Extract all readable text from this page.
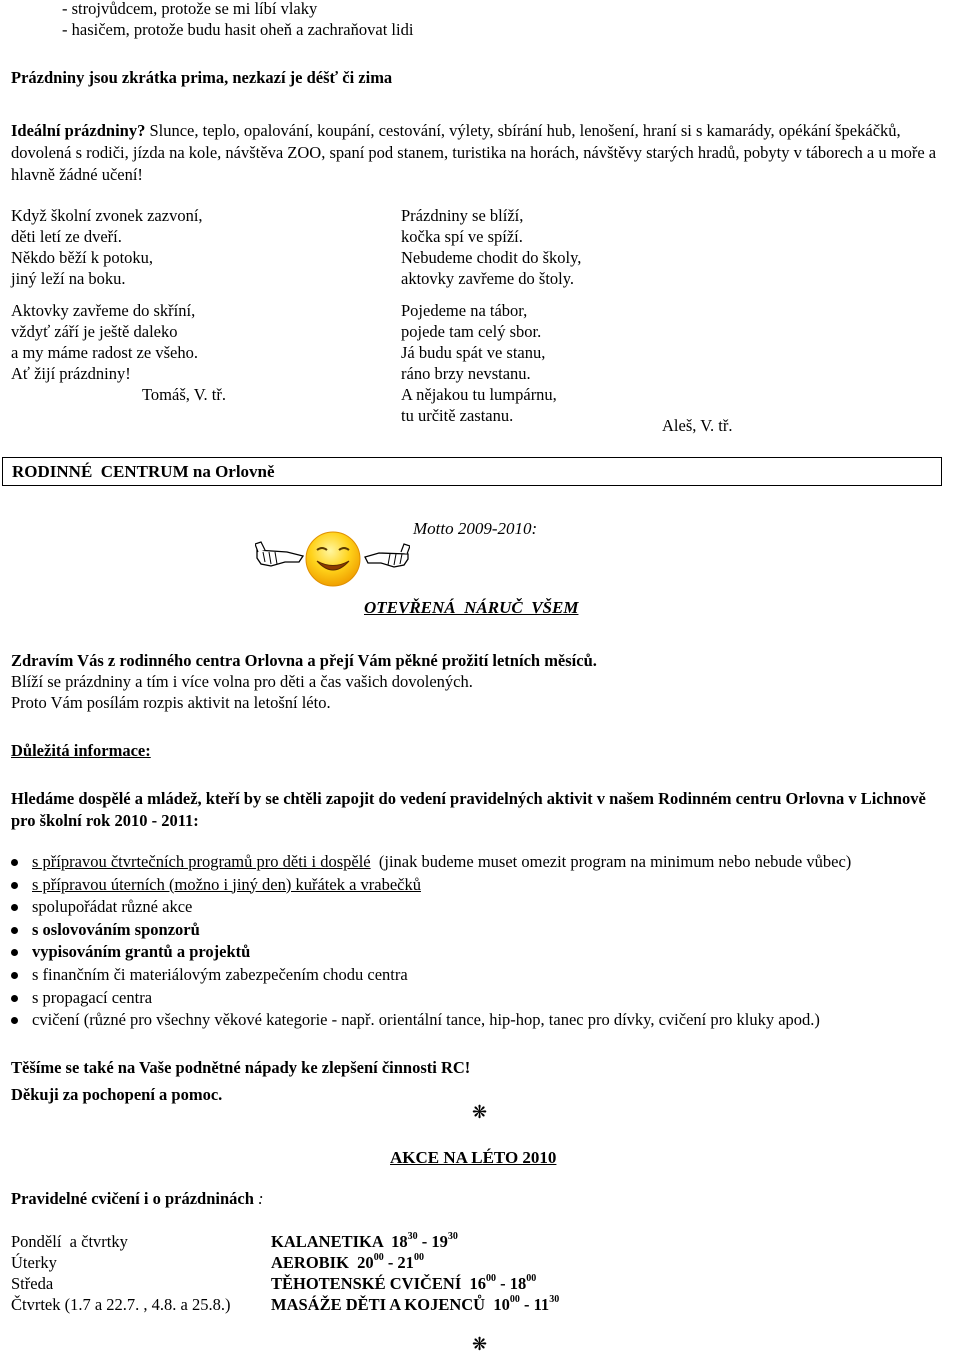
- strojvůdcem, protože se mi líbí vlaky
- hasičem, protože budu hasit oheň a zachraňovat lidi
Prázdniny jsou zkrátka prima, nezkazí je déšť či zima
Ideální prázdniny? Slunce, teplo, opalování, koupání, cestování, výlety, sbírání hub, lenošení, hraní si s kamarády, opékání špekáčků, dovolená s rodiči, jízda na kole, návštěva ZOO, spaní pod stanem, turistika na horách, návštěvy starých hradů, pobyty v táborech a u moře a hlavně žádné učení!
Když školní zvonek zazvoní,
děti letí ze dveří.
Někdo běží k potoku,
jiný leží na boku.
Aktovky zavřeme do skříní,
vždyť září je ještě daleko
a my máme radost ze všeho.
Ať žijí prázdniny!
Tomáš, V. tř.
Prázdniny se blíží,
kočka spí ve spíží.
Nebudeme chodit do školy,
aktovky zavřeme do štoly.
Pojedeme na tábor,
pojede tam celý sbor.
Já budu spát ve stanu,
ráno brzy nevstanu.
A nějakou tu lumpárnu,
tu určitě zastanu.
Aleš, V. tř.
RODINNÉ  CENTRUM na Orlovně
Motto 2009-2010:
OTEVŘENÁ  NÁRUČ  VŠEM
Zdravím Vás z rodinného centra Orlovna a přejí Vám pěkné prožití letních měsíců.
Blíží se prázdniny a tím i více volna pro děti a čas vašich dovolených.
Proto Vám posílám rozpis aktivit na letošní léto.
Důležitá informace:
Hledáme dospělé a mládež, kteří by se chtěli zapojit do vedení pravidelných aktivit v našem Rodinném centru Orlovna v Lichnově pro školní rok 2010 - 2011:
s přípravou čtvrtečních programů pro děti i dospělé  (jinak budeme muset omezit program na minimum nebo nebude vůbec)
s přípravou úterních (možno i jiný den) kuřátek a vrabečků
spolupořádat různé akce
s oslovováním sponzorů
vypisováním grantů a projektů
s finančním či materiálovým zabezpečením chodu centra
s propagací centra
cvičení (různé pro všechny věkové kategorie - např. orientální tance, hip-hop, tanec pro dívky, cvičení pro kluky apod.)
Těšíme se také na Vaše podnětné nápady ke zlepšení činnosti RC!
Děkuji za pochopení a pomoc.
❋
AKCE NA LÉTO 2010
Pravidelné cvičení i o prázdninách :
Pondělí  a čtvrtky	KALANETIKA  $18^{30} - 19^{30}$
Úterky	AEROBIK  $20^{00} - 21^{00}$
Středa	TĚHOTENSKÉ CVIČENÍ  $16^{00} - 18^{00}$
Čtvrtek (1.7 a 22.7. , 4.8. a 25.8.) MASÁŽE DĚTI A KOJENCŮ  $10^{00} - 11^{30}$
❋
